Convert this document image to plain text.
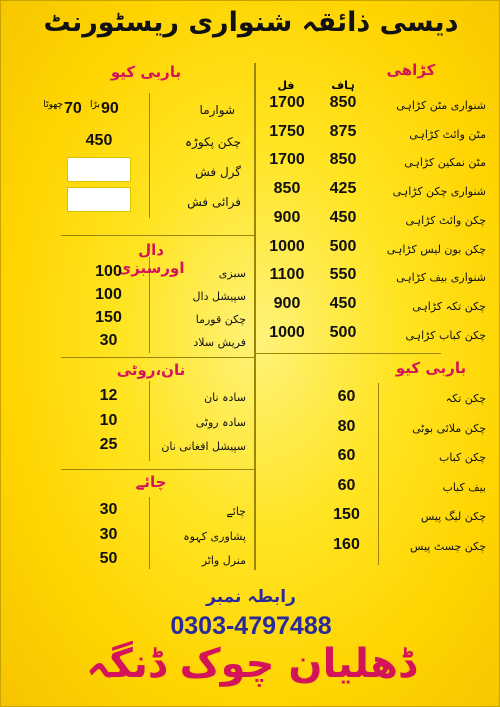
دیسی ذائقہ شنواری ریسٹورنٹ
کڑاھی
ہاف
فل
شنواری مٹن کڑاہی
850
1700
مٹن وائٹ کڑاہی
875
1750
مٹن نمکین کڑاہی
850
1700
شنواری چکن کڑاہی
425
850
چکن وائٹ کڑاہی
450
900
چکن بون لیس کڑاہی
500
1000
شنواری بیف کڑاہی
550
1100
چکن تکہ کڑاہی
450
900
چکن کباب کڑاہی
500
1000
باربی کیو
شوارما
بڑا 90
چھوٹا 70
چکن پکوڑہ
450
گرل فش
فرائی فش
دال اورسبزی	سبزی
100
سپیشل دال
100
چکن قورما
150
فریش سلاد
30
نان،روٹی
سادہ نان
12
سادہ روٹی
10
سپیشل افغانی نان
25
چائے
چائے
30
پشاوری کہوہ
30
منرل واٹر
50
باربی کیو
چکن تکہ
60
چکن ملائی بوٹی
80
چکن کباب
60
بیف کباب
60
چکن لیگ پیس
150
چکن چسٹ پیس
160
رابطہ نمبر
0303-4797488
ڈھلیان چوک ڈنگہ
